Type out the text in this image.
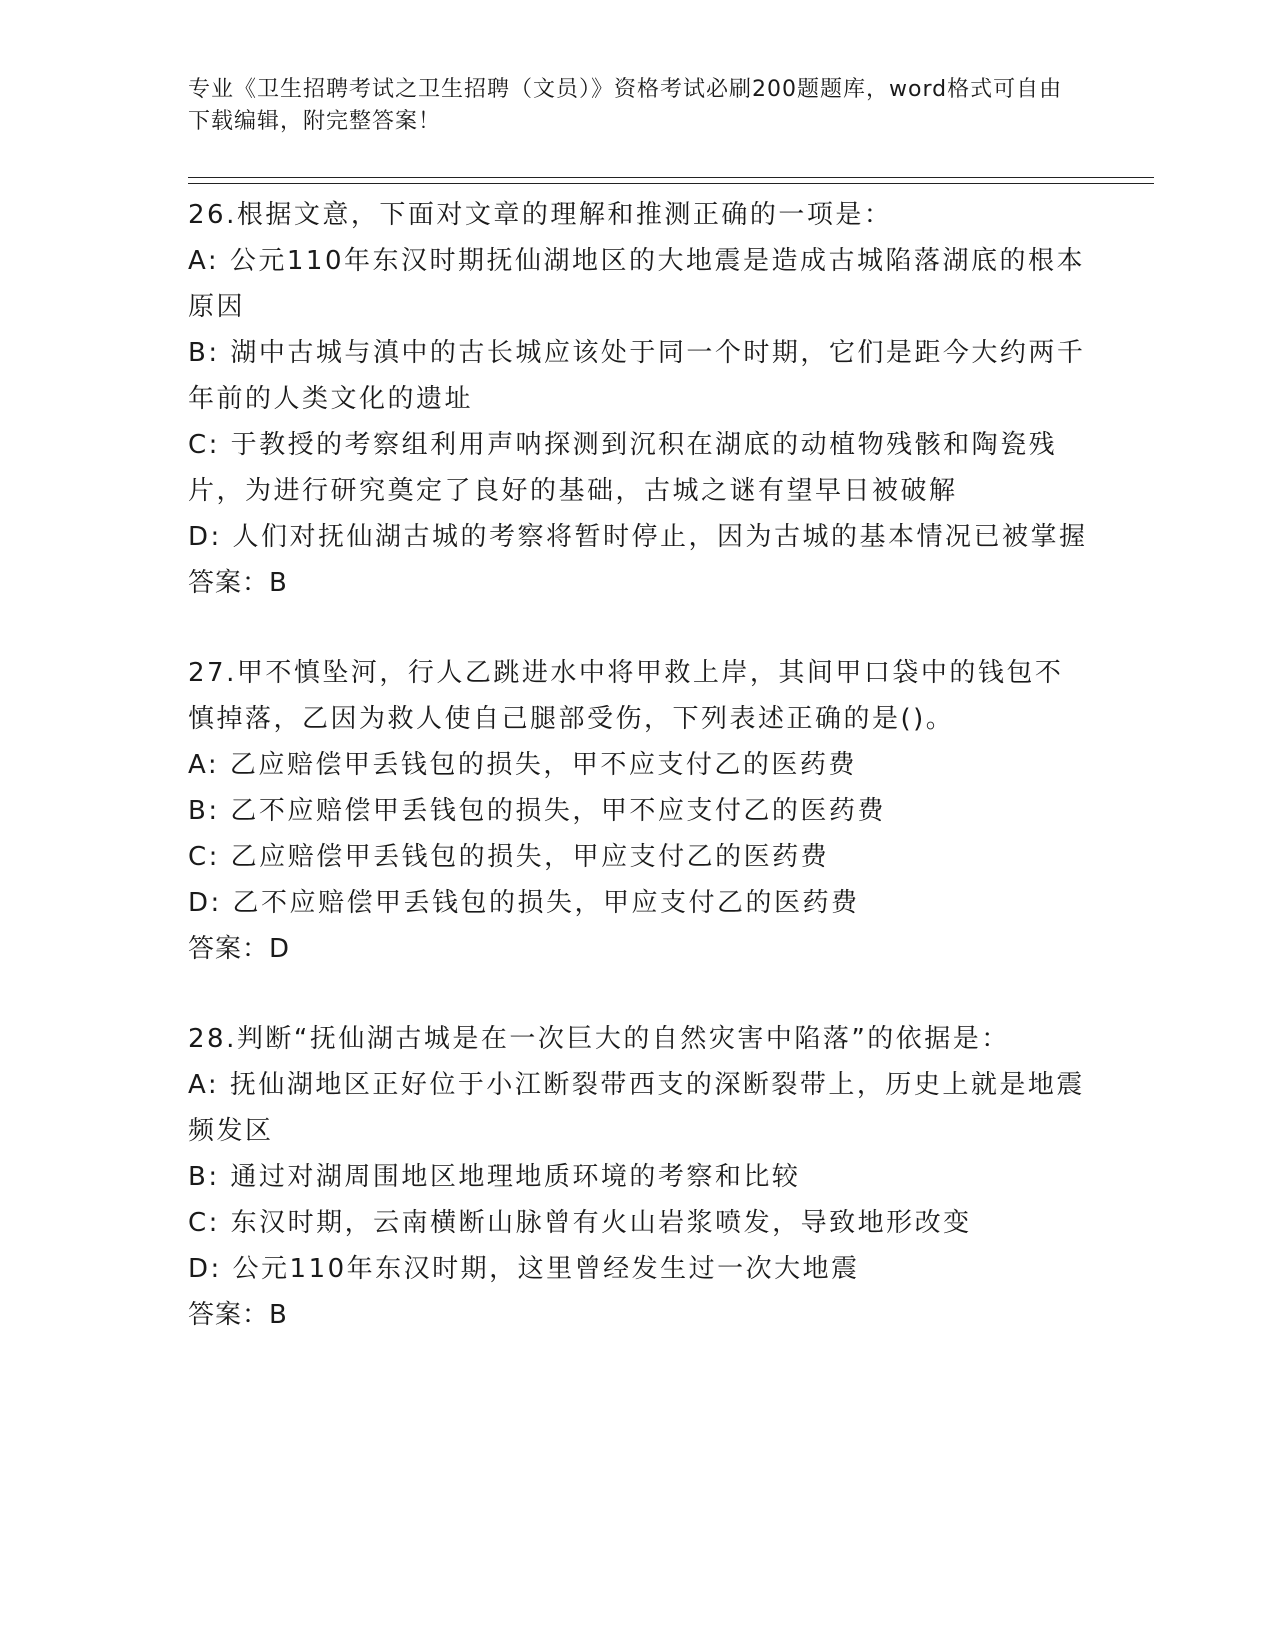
专业《卫生招聘考试之卫生招聘（文员）》资格考试必刷200题题库，word格式可自由下载编辑，附完整答案！
26.根据文意，下面对文章的理解和推测正确的一项是：
A: 公元110年东汉时期抚仙湖地区的大地震是造成古城陷落湖底的根本原因
B: 湖中古城与滇中的古长城应该处于同一个时期，它们是距今大约两千年前的人类文化的遗址
C: 于教授的考察组利用声呐探测到沉积在湖底的动植物残骸和陶瓷残片，为进行研究奠定了良好的基础，古城之谜有望早日被破解
D: 人们对抚仙湖古城的考察将暂时停止，因为古城的基本情况已被掌握
答案：B
27.甲不慎坠河，行人乙跳进水中将甲救上岸，其间甲口袋中的钱包不慎掉落，乙因为救人使自己腿部受伤，下列表述正确的是()。
A: 乙应赔偿甲丢钱包的损失，甲不应支付乙的医药费
B: 乙不应赔偿甲丢钱包的损失，甲不应支付乙的医药费
C: 乙应赔偿甲丢钱包的损失，甲应支付乙的医药费
D: 乙不应赔偿甲丢钱包的损失，甲应支付乙的医药费
答案：D
28.判断“抚仙湖古城是在一次巨大的自然灾害中陷落”的依据是：
A: 抚仙湖地区正好位于小江断裂带西支的深断裂带上，历史上就是地震频发区
B: 通过对湖周围地区地理地质环境的考察和比较
C: 东汉时期，云南横断山脉曾有火山岩浆喷发，导致地形改变
D: 公元110年东汉时期，这里曾经发生过一次大地震
答案：B
